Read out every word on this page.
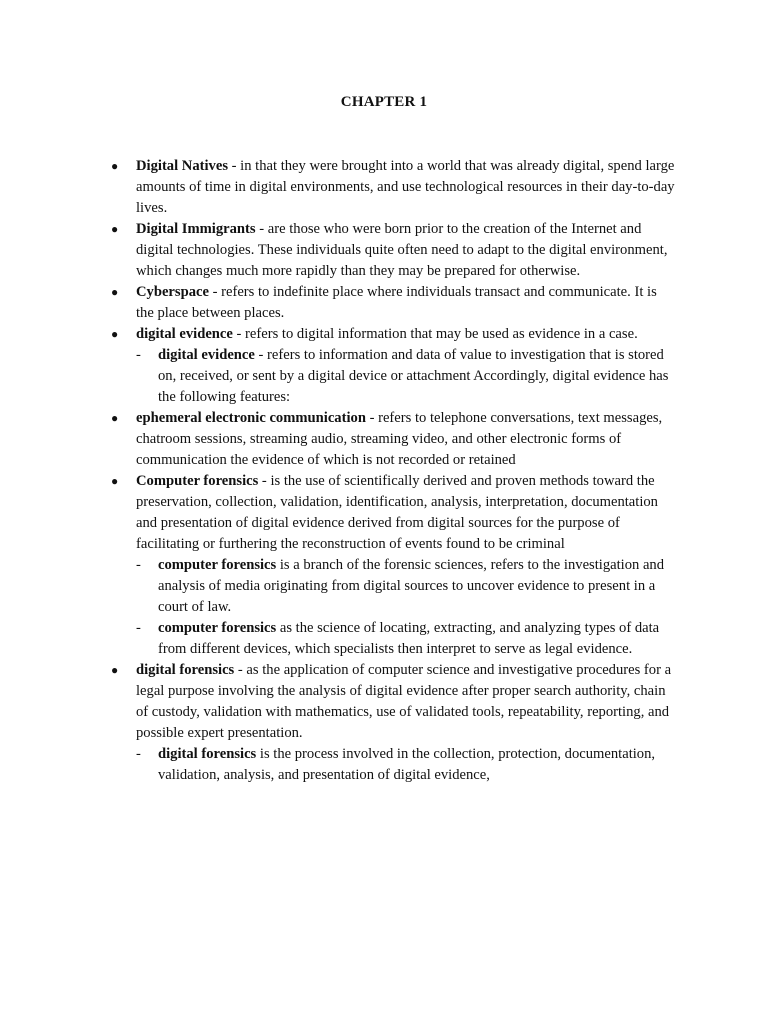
CHAPTER 1
●	Digital Natives - in that they were brought into a world that was already digital, spend large amounts of time in digital environments, and use technological resources in their day-to-day lives.
●	Digital Immigrants - are those who were born prior to the creation of the Internet and digital technologies. These individuals quite often need to adapt to the digital environment, which changes much more rapidly than they may be prepared for otherwise.
●	Cyberspace - refers to indefinite place where individuals transact and communicate. It is the place between places.
●	digital evidence - refers to digital information that may be used as evidence in a case.
-	digital evidence - refers to information and data of value to investigation that is stored on, received, or sent by a digital device or attachment Accordingly, digital evidence has the following features:
●	ephemeral electronic communication - refers to telephone conversations, text messages, chatroom sessions, streaming audio, streaming video, and other electronic forms of communication the evidence of which is not recorded or retained
●	Computer forensics - is the use of scientifically derived and proven methods toward the preservation, collection, validation, identification, analysis, interpretation, documentation and presentation of digital evidence derived from digital sources for the purpose of facilitating or furthering the reconstruction of events found to be criminal
-	computer forensics is a branch of the forensic sciences, refers to the investigation and analysis of media originating from digital sources to uncover evidence to present in a court of law.
-	computer forensics as the science of locating, extracting, and analyzing types of data from different devices, which specialists then interpret to serve as legal evidence.
●	digital forensics - as the application of computer science and investigative procedures for a legal purpose involving the analysis of digital evidence after proper search authority, chain of custody, validation with mathematics, use of validated tools, repeatability, reporting, and possible expert presentation.
-	digital forensics is the process involved in the collection, protection, documentation, validation, analysis, and presentation of digital evidence,
